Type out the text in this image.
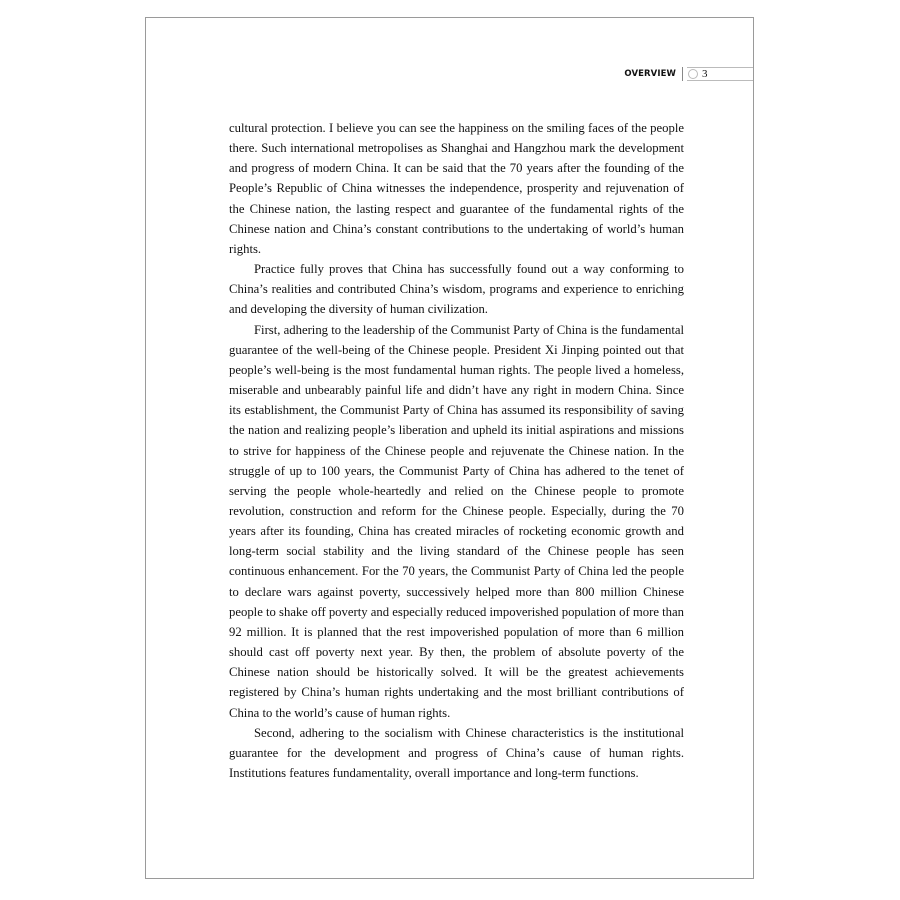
OVERVIEW 3

cultural protection. I believe you can see the happiness on the smiling faces of the people there. Such international metropolises as Shanghai and Hangzhou mark the development and progress of modern China. It can be said that the 70 years after the founding of the People’s Republic of China witnesses the independence, prosperity and rejuvenation of the Chinese nation, the lasting respect and guarantee of the fundamental rights of the Chinese nation and China’s constant contributions to the undertaking of world’s human rights.

Practice fully proves that China has successfully found out a way conforming to China’s realities and contributed China’s wisdom, programs and experience to enriching and developing the diversity of human civilization.

First, adhering to the leadership of the Communist Party of China is the fundamental guarantee of the well-being of the Chinese people. President Xi Jinping pointed out that people’s well-being is the most fundamental human rights. The people lived a homeless, miserable and unbearably painful life and didn’t have any right in modern China. Since its establishment, the Communist Party of China has assumed its responsibility of saving the nation and realizing people’s liberation and upheld its initial aspirations and missions to strive for happiness of the Chinese people and rejuvenate the Chinese nation. In the struggle of up to 100 years, the Communist Party of China has adhered to the tenet of serving the people whole-heartedly and relied on the Chinese people to promote revolution, construction and reform for the Chinese people. Especially, during the 70 years after its founding, China has created miracles of rocketing economic growth and long-term social stability and the living standard of the Chinese people has seen continuous enhancement. For the 70 years, the Communist Party of China led the people to declare wars against poverty, successively helped more than 800 million Chinese people to shake off poverty and especially reduced impoverished population of more than 92 million. It is planned that the rest impoverished population of more than 6 million should cast off poverty next year. By then, the problem of absolute poverty of the Chinese nation should be historically solved. It will be the greatest achievements registered by China’s human rights undertaking and the most brilliant contributions of China to the world’s cause of human rights.

Second, adhering to the socialism with Chinese characteristics is the institutional guarantee for the development and progress of China’s cause of human rights. Institutions features fundamentality, overall importance and long-term functions.
